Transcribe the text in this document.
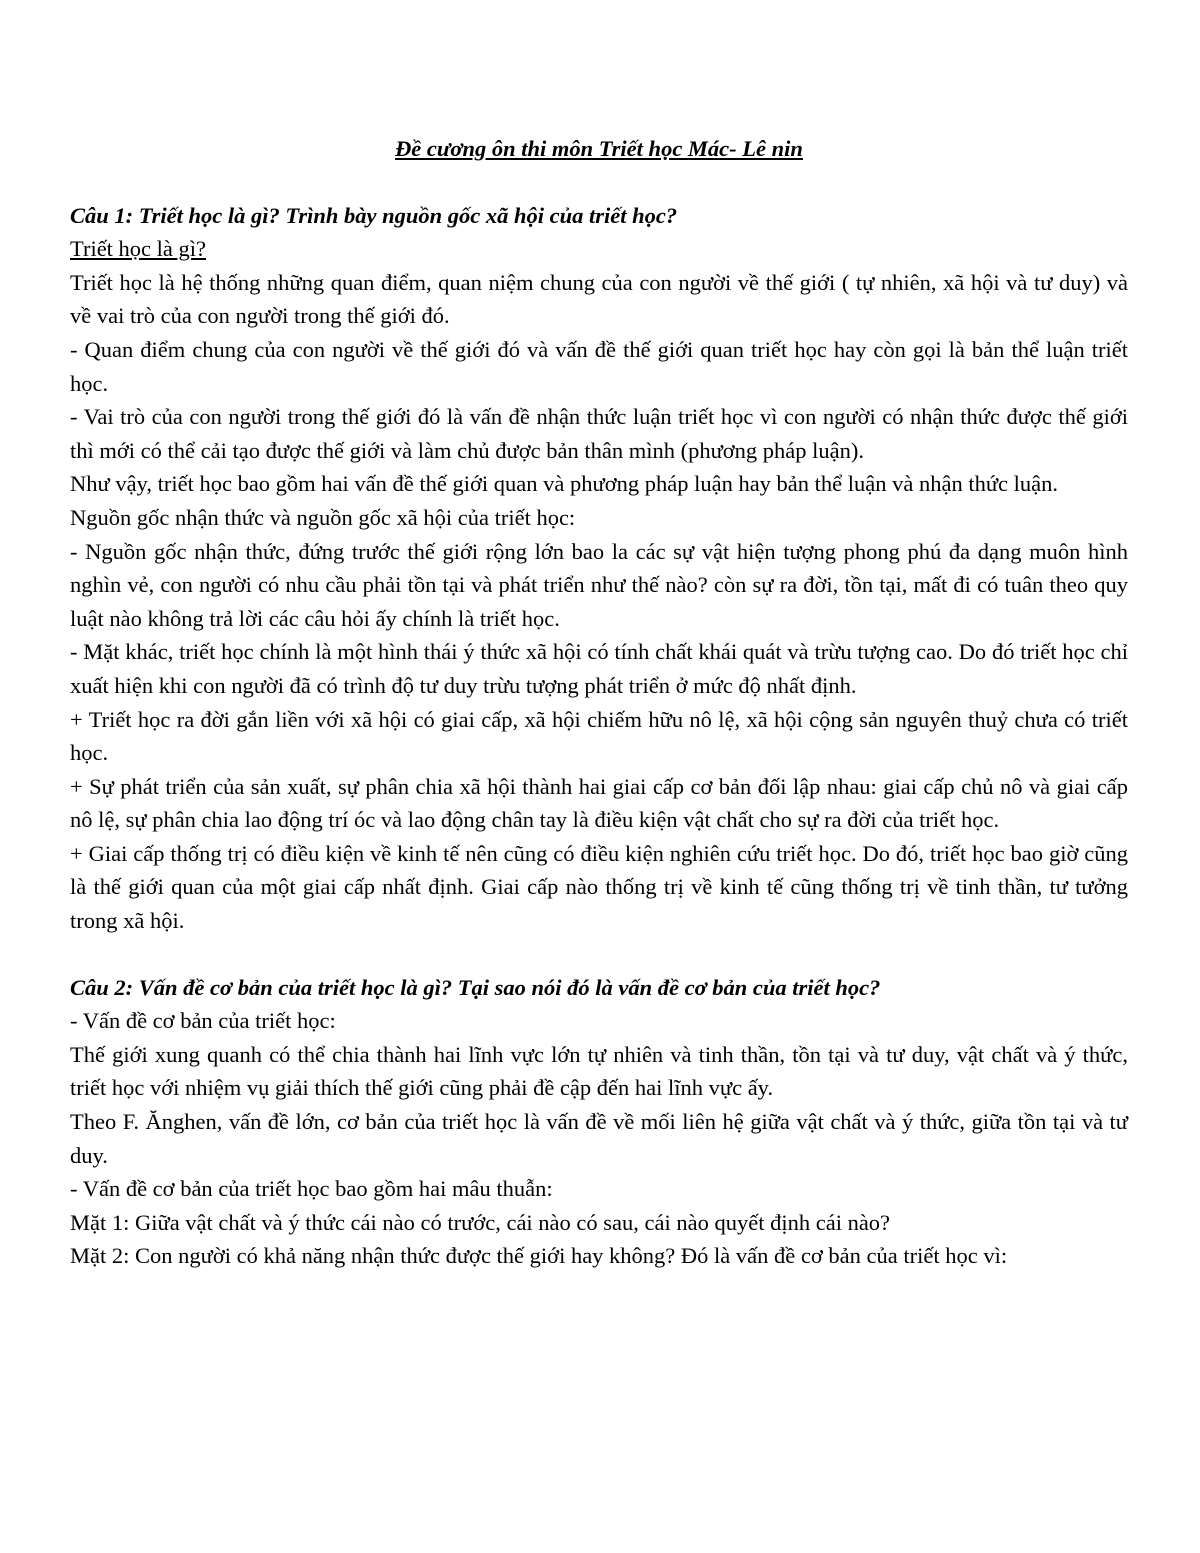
Đề cương ôn thi môn Triết học Mác- Lê nin

Câu 1: Triết học là gì? Trình bày nguồn gốc xã hội của triết học?

Triết học là gì?

Triết học là hệ thống những quan điểm, quan niệm chung của con người về thế giới ( tự nhiên, xã hội và tư duy) và về vai trò của con người trong thế giới đó.

- Quan điểm chung của con người về thế giới đó và vấn đề thế giới quan triết học hay còn gọi là bản thể luận triết học.

- Vai trò của con người trong thế giới đó là vấn đề nhận thức luận triết học vì con người có nhận thức được thế giới thì mới có thể cải tạo được thế giới và làm chủ được bản thân mình (phương pháp luận).

Như vậy, triết học bao gồm hai vấn đề thế giới quan và phương pháp luận hay bản thể luận và nhận thức luận.

Nguồn gốc nhận thức và nguồn gốc xã hội của triết học:

- Nguồn gốc nhận thức, đứng trước thế giới rộng lớn bao la các sự vật hiện tượng phong phú đa dạng muôn hình nghìn vẻ, con người có nhu cầu phải tồn tại và phát triển như thế nào? còn sự ra đời, tồn tại, mất đi có tuân theo quy luật nào không trả lời các câu hỏi ấy chính là triết học.

- Mặt khác, triết học chính là một hình thái ý thức xã hội có tính chất khái quát và trừu tượng cao. Do đó triết học chỉ xuất hiện khi con người đã có trình độ tư duy trừu tượng phát triển ở mức độ nhất định.

+ Triết học ra đời gắn liền với xã hội có giai cấp, xã hội chiếm hữu nô lệ, xã hội cộng sản nguyên thuỷ chưa có triết học.

+ Sự phát triển của sản xuất, sự phân chia xã hội thành hai giai cấp cơ bản đối lập nhau: giai cấp chủ nô và giai cấp nô lệ, sự phân chia lao động trí óc và lao động chân tay là điều kiện vật chất cho sự ra đời của triết học.

+ Giai cấp thống trị có điều kiện về kinh tế nên cũng có điều kiện nghiên cứu triết học. Do đó, triết học bao giờ cũng là thế giới quan của một giai cấp nhất định. Giai cấp nào thống trị về kinh tế cũng thống trị về tinh thần, tư tưởng trong xã hội.

Câu 2: Vấn đề cơ bản của triết học là gì? Tại sao nói đó là vấn đề cơ bản của triết học?

- Vấn đề cơ bản của triết học:

Thế giới xung quanh có thể chia thành hai lĩnh vực lớn tự nhiên và tinh thần, tồn tại và tư duy, vật chất và ý thức, triết học với nhiệm vụ giải thích thế giới cũng phải đề cập đến hai lĩnh vực ấy.

Theo F. Ănghen, vấn đề lớn, cơ bản của triết học là vấn đề về mối liên hệ giữa vật chất và ý thức, giữa tồn tại và tư duy.

- Vấn đề cơ bản của triết học bao gồm hai mâu thuẫn:

Mặt 1: Giữa vật chất và ý thức cái nào có trước, cái nào có sau, cái nào quyết định cái nào?

Mặt 2: Con người có khả năng nhận thức được thế giới hay không? Đó là vấn đề cơ bản của triết học vì:
